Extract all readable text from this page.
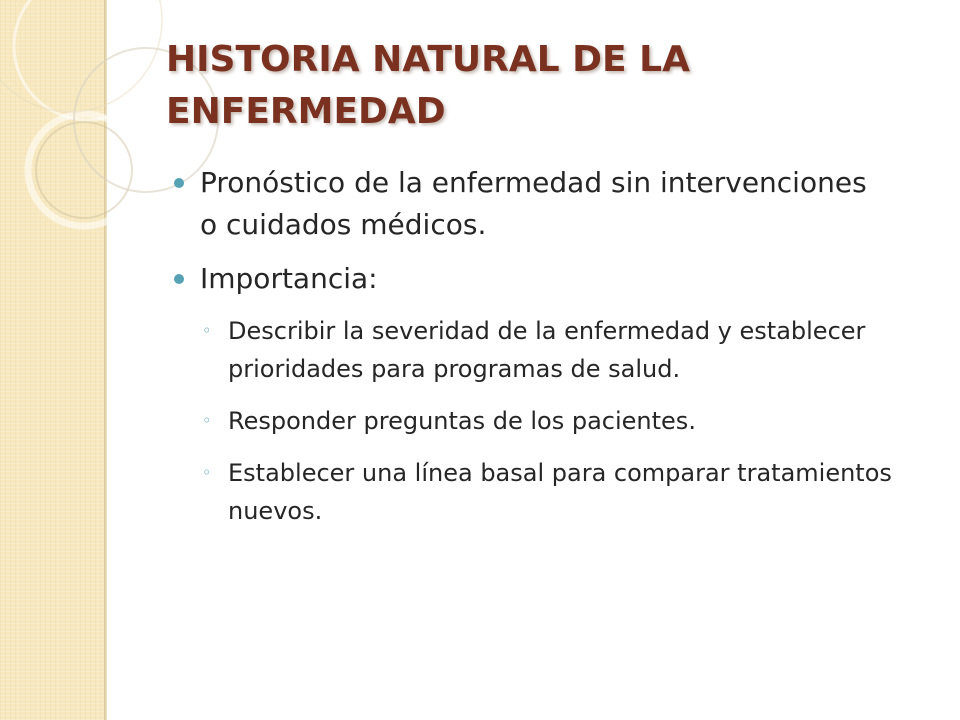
HISTORIA NATURAL DE LA ENFERMEDAD
Pronóstico de la enfermedad sin intervenciones o cuidados médicos.
Importancia:
◦ Describir la severidad de la enfermedad y establecer prioridades para programas de salud.
◦ Responder preguntas de los pacientes.
◦ Establecer una línea basal para comparar tratamientos nuevos.
